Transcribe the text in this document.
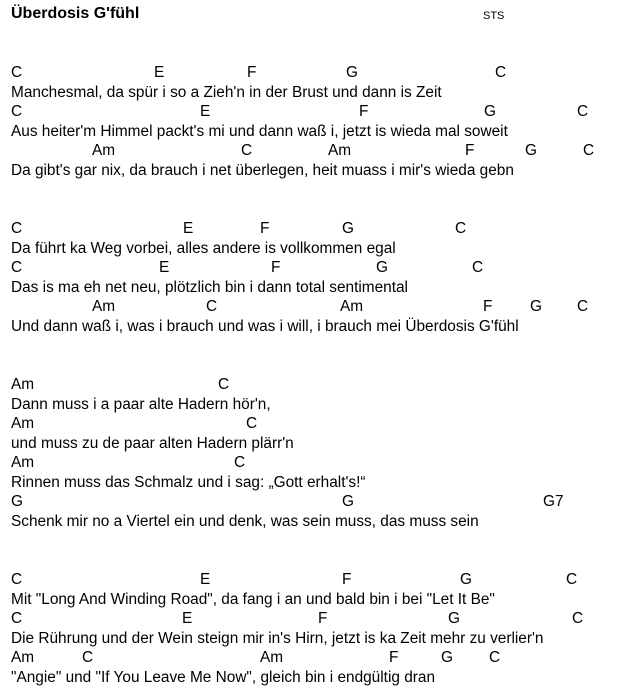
Überdosis G'fühl	STS
C	E	F	G	C
Manchesmal, da spür i so a Zieh'n in der Brust und dann is Zeit
C	E	F	G	C
Aus heiter'm Himmel packt's mi und dann waß i, jetzt is wieda mal soweit
Am	C	Am	F	G	C
Da gibt's gar nix, da brauch i net überlegen, heit muass i mir's wieda gebn
C	E	F	G	C
Da führt ka Weg vorbei, alles andere is vollkommen egal
C	E	F	G	C
Das is ma eh net neu, plötzlich bin i dann total sentimental
Am	C	Am	F G C
Und dann waß i, was i brauch und was i will, i brauch mei Überdosis G'fühl
Am	C
Dann muss i a paar alte Hadern hör'n,
Am	C
und muss zu de paar alten Hadern plärr'n
Am	C
Rinnen muss das Schmalz und i sag: „Gott erhalt's!“
G	G	G7
Schenk mir no a Viertel ein und denk, was sein muss, das muss sein
C	E	F	G	C
Mit "Long And Winding Road", da fang i an und bald bin i bei "Let It Be"
C	E	F	G	C
Die Rührung und der Wein steign mir in's Hirn, jetzt is ka Zeit mehr zu verlier'n
Am	C	Am	F	G C
"Angie" und "If You Leave Me Now", gleich bin i endgültig dran
